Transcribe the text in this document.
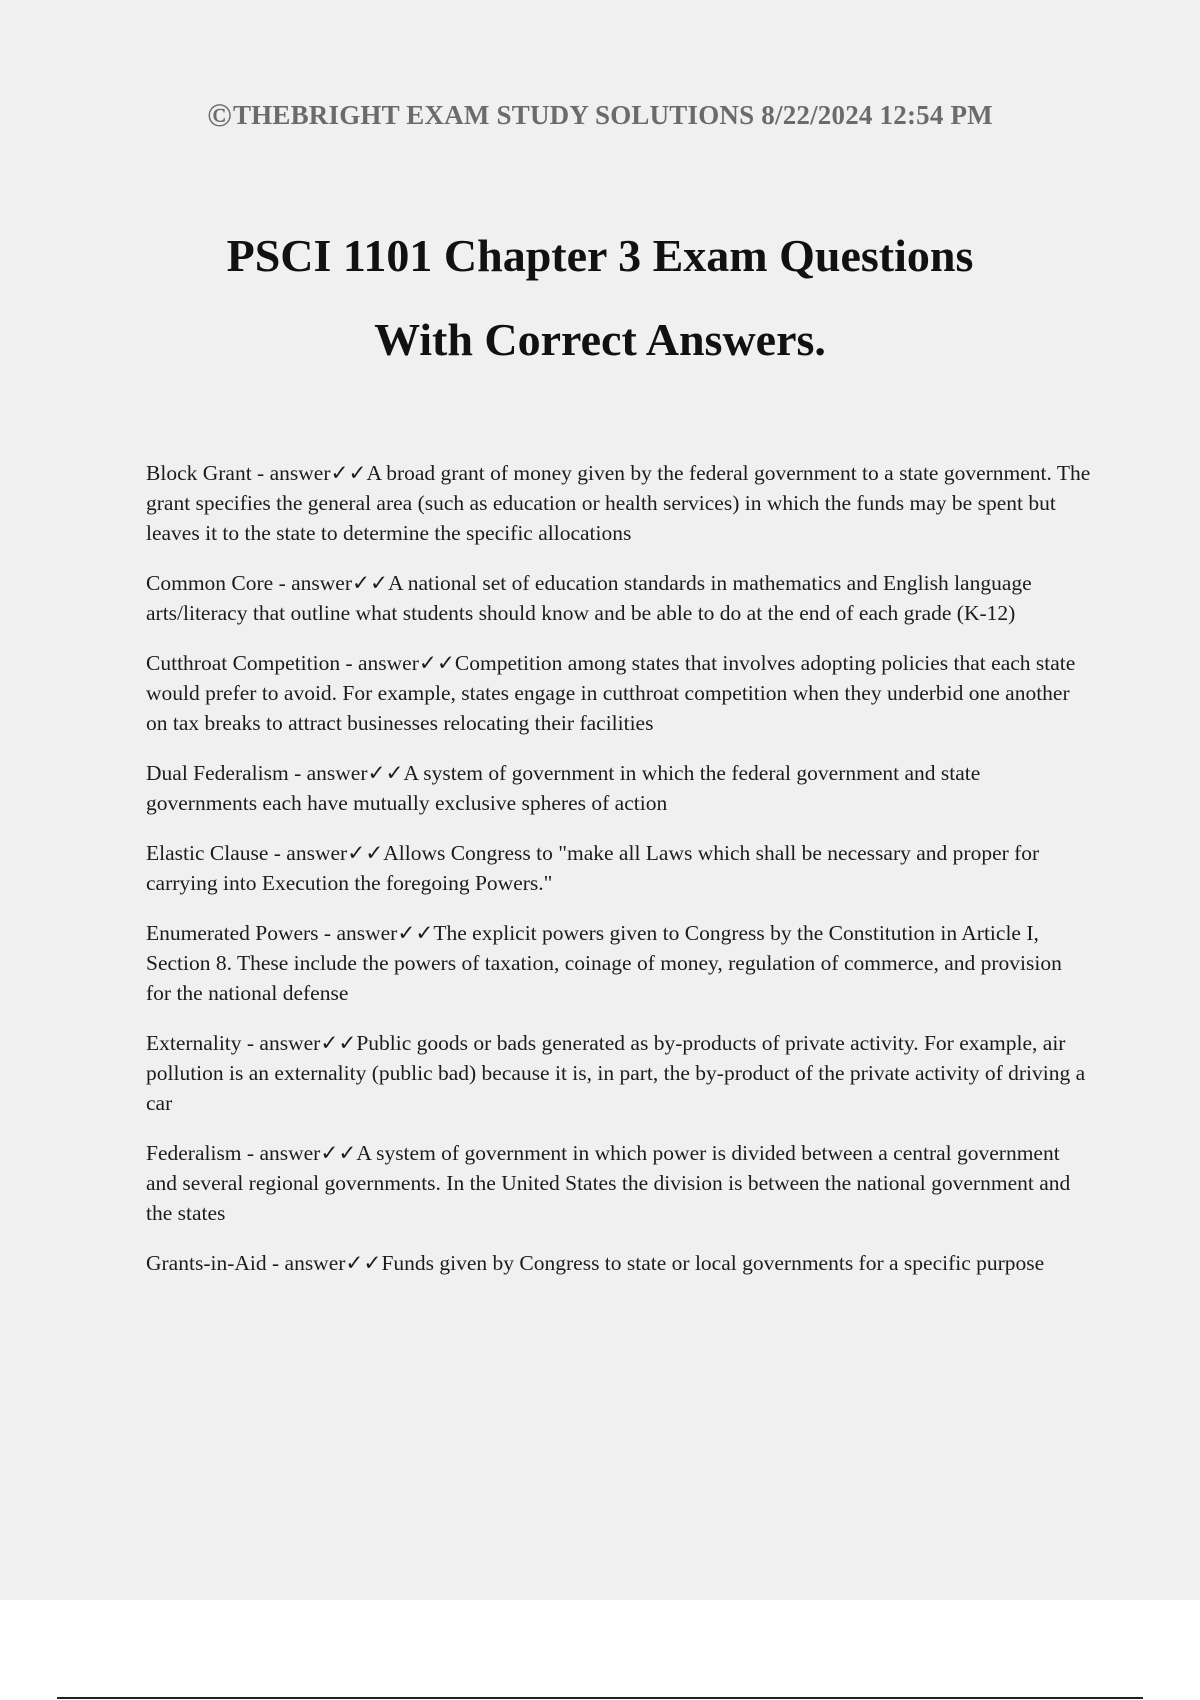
©THEBRIGHT EXAM STUDY SOLUTIONS 8/22/2024 12:54 PM

PSCI 1101 Chapter 3 Exam Questions

With Correct Answers.

Block Grant - answer✓✓A broad grant of money given by the federal government to a state government. The grant specifies the general area (such as education or health services) in which the funds may be spent but leaves it to the state to determine the specific allocations

Common Core - answer✓✓A national set of education standards in mathematics and English language arts/literacy that outline what students should know and be able to do at the end of each grade (K-12)

Cutthroat Competition - answer✓✓Competition among states that involves adopting policies that each state would prefer to avoid. For example, states engage in cutthroat competition when they underbid one another on tax breaks to attract businesses relocating their facilities

Dual Federalism - answer✓✓A system of government in which the federal government and state governments each have mutually exclusive spheres of action

Elastic Clause - answer✓✓Allows Congress to "make all Laws which shall be necessary and proper for carrying into Execution the foregoing Powers."

Enumerated Powers - answer✓✓The explicit powers given to Congress by the Constitution in Article I, Section 8. These include the powers of taxation, coinage of money, regulation of commerce, and provision for the national defense

Externality - answer✓✓Public goods or bads generated as by-products of private activity. For example, air pollution is an externality (public bad) because it is, in part, the by-product of the private activity of driving a car

Federalism - answer✓✓A system of government in which power is divided between a central government and several regional governments. In the United States the division is between the national government and the states

Grants-in-Aid - answer✓✓Funds given by Congress to state or local governments for a specific purpose
